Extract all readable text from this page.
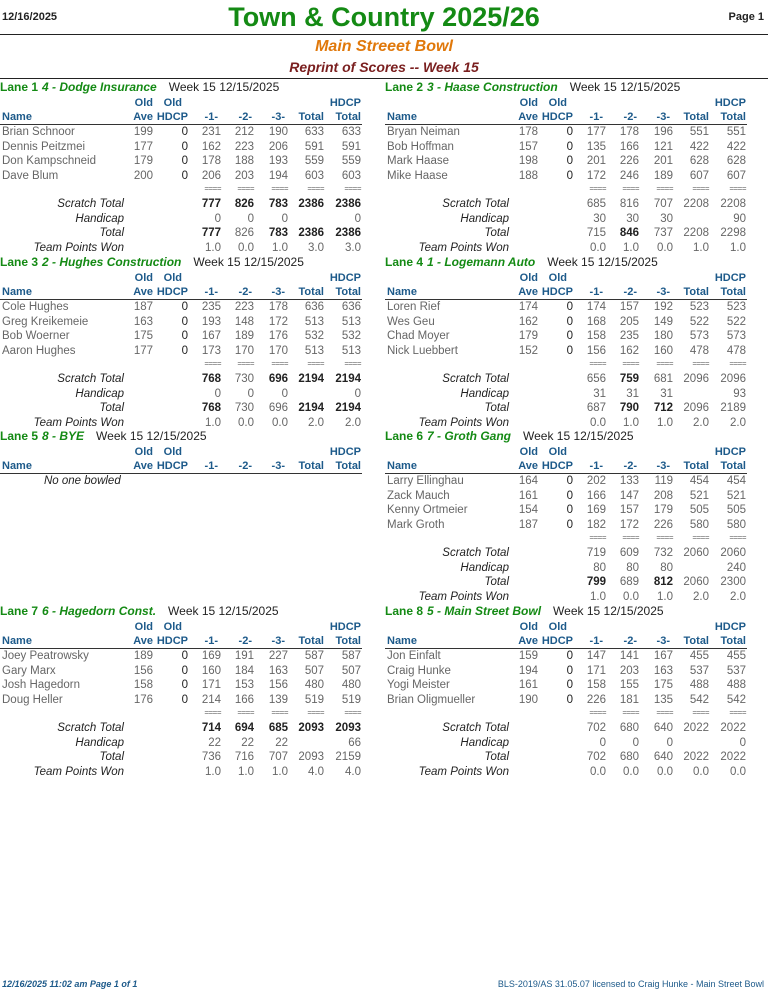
12/16/2025	Town & Country 2025/26	Page 1
Main Streeet Bowl
Reprint of Scores -- Week 15
Lane 1 4 - Dodge Insurance Week 15 12/15/2025
Old Old	HDCP
Name	Ave HDCP -1- -2- -3- Total Total
Brian Schnoor	199 0 231 212 190 633 633
Dennis Peitzmei	177 0 162 223 206 591 591
Don Kampschneid	179 0 178 188 193 559 559
Dave Blum	200 0 206 203 194 603 603
==== ==== ==== ====	====
Scratch Total	777 826 783 2386 2386
Handicap	0 0 0	0
Total	777 826 783 2386 2386
Team Points Won	1.0 0.0 1.0 3.0 3.0
Lane 2 3 - Haase Construction Week 15 12/15/2025
Old Old	HDCP
Name	Ave HDCP -1- -2- -3- Total Total
Bryan Neiman	178 0 177 178 196 551 551
Bob Hoffman	157 0 135 166 121 422 422
Mark Haase	198 0 201 226 201 628 628
Mike Haase	188 0 172 246 189 607 607
==== ==== ==== ====	====
Scratch Total	685 816 707 2208 2208
Handicap	30 30 30	90
Total	715 846 737 2208 2298
Team Points Won	0.0 1.0 0.0 1.0 1.0
Lane 3 2 - Hughes Construction Week 15 12/15/2025
Old Old	HDCP
Name	Ave HDCP -1- -2- -3- Total Total
Cole Hughes	187 0 235 223 178 636 636
Greg Kreikemeie	163 0 193 148 172 513 513
Bob Woerner	175 0 167 189 176 532 532
Aaron Hughes	177 0 173 170 170 513 513
==== ==== ==== ====	====
Scratch Total	768 730 696 2194 2194
Handicap	0 0 0	0
Total	768 730 696 2194 2194
Team Points Won	1.0 0.0 0.0 2.0 2.0
Lane 4 1 - Logemann Auto Week 15 12/15/2025
Old Old	HDCP
Name	Ave HDCP -1- -2- -3- Total Total
Loren Rief	174 0 174 157 192 523 523
Wes Geu	162 0 168 205 149 522 522
Chad Moyer	179 0 158 235 180 573 573
Nick Luebbert	152 0 156 162 160 478 478
==== ==== ==== ====	====
Scratch Total	656 759 681 2096 2096
Handicap	31 31 31	93
Total	687 790 712 2096 2189
Team Points Won	0.0 1.0 1.0 2.0 2.0
Lane 5 8 - BYE Week 15 12/15/2025
Old Old	HDCP
Name	Ave HDCP -1- -2- -3- Total Total
No one bowled
Lane 6 7 - Groth Gang Week 15 12/15/2025
Old Old	HDCP
Name	Ave HDCP -1- -2- -3- Total Total
Larry Ellinghau	164 0 202 133 119 454 454
Zack Mauch	161 0 166 147 208 521 521
Kenny Ortmeier	154 0 169 157 179 505 505
Mark Groth	187 0 182 172 226 580 580
==== ==== ==== ====	====
Scratch Total	719 609 732 2060 2060
Handicap	80 80 80	240
Total	799 689 812 2060 2300
Team Points Won	1.0 0.0 1.0 2.0 2.0
Lane 7 6 - Hagedorn Const. Week 15 12/15/2025
Old Old	HDCP
Name	Ave HDCP -1- -2- -3- Total Total
Joey Peatrowsky	189 0 169 191 227 587 587
Gary Marx	156 0 160 184 163 507 507
Josh Hagedorn	158 0 171 153 156 480 480
Doug Heller	176 0 214 166 139 519 519
==== ==== ==== ====	====
Scratch Total	714 694 685 2093 2093
Handicap	22 22 22	66
Total	736 716 707 2093 2159
Team Points Won	1.0 1.0 1.0 4.0 4.0
Lane 8 5 - Main Street Bowl Week 15 12/15/2025
Old Old	HDCP
Name	Ave HDCP -1- -2- -3- Total Total
Jon Einfalt	159 0 147 141 167 455 455
Craig Hunke	194 0 171 203 163 537 537
Yogi Meister	161 0 158 155 175 488 488
Brian Oligmueller	190 0 226 181 135 542 542
==== ==== ==== ====	====
Scratch Total	702 680 640 2022 2022
Handicap	0 0 0	0
Total	702 680 640 2022 2022
Team Points Won	0.0 0.0 0.0 0.0 0.0
12/16/2025 11:02 am Page 1 of 1	BLS-2019/AS 31.05.07 licensed to Craig Hunke - Main Street Bowl
